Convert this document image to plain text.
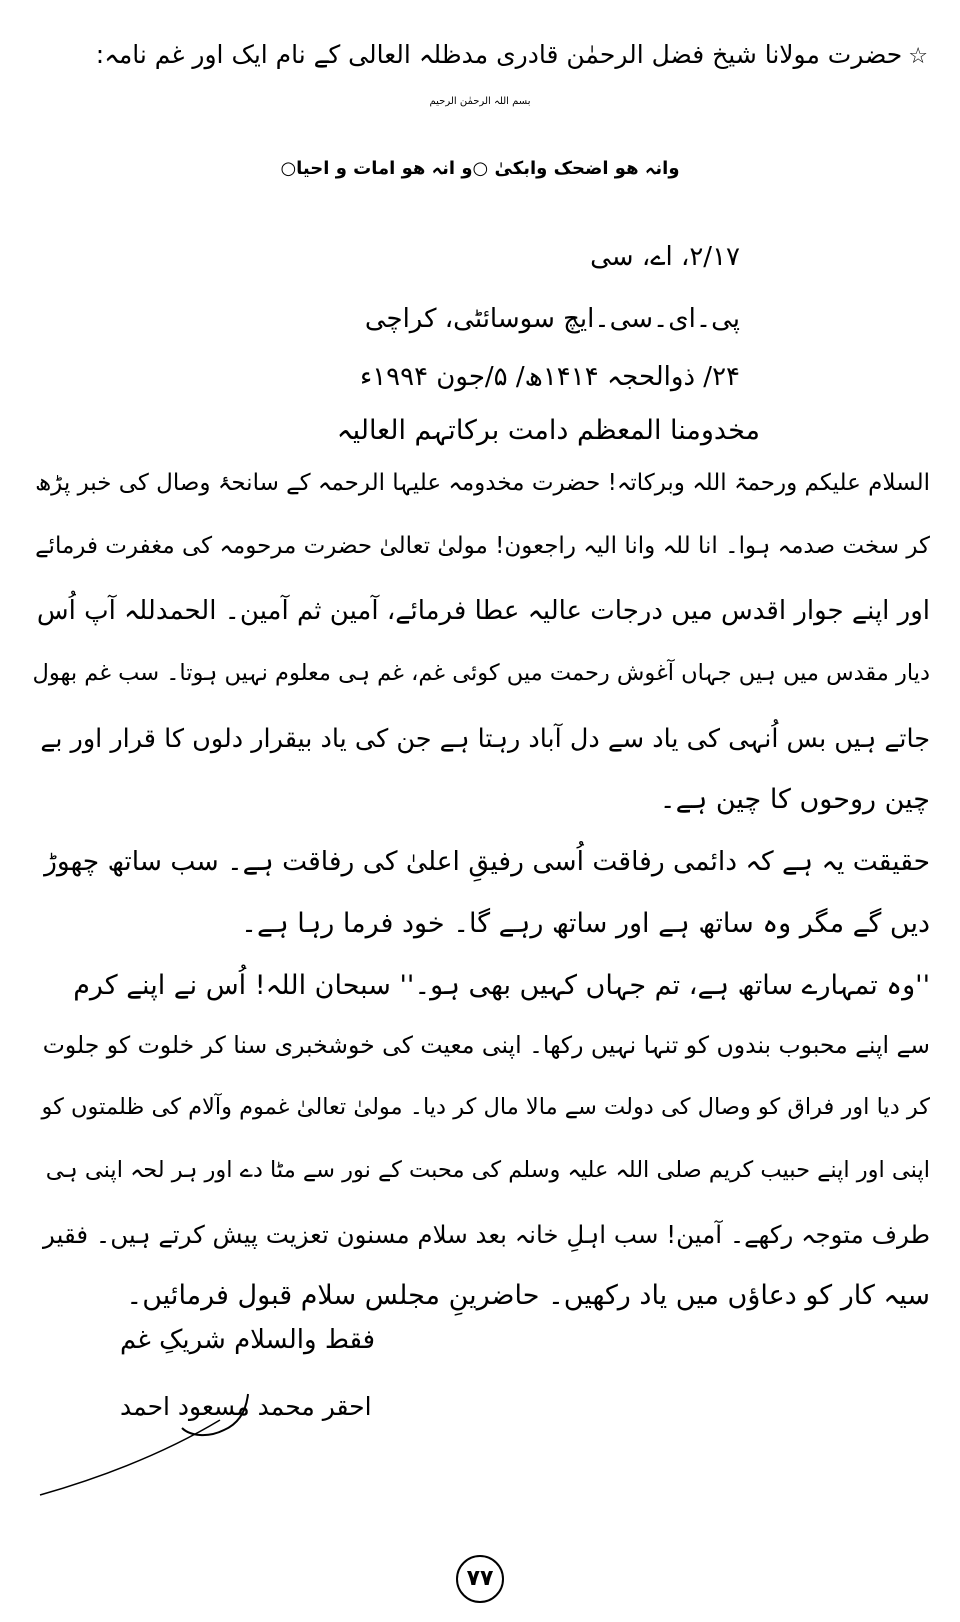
☆حضرت مولانا شیخ فضل الرحمٰن قادری مدظلہ العالی کے نام ایک اور غم نامہ:
بسم اللہ الرحمٰن الرحیم
وانہ ھو اضحک وابکیٰ ○و انہ ھو امات و احیا○
۲/۱۷، اے، سی
پی۔ای۔سی۔ایچ سوسائٹی، کراچی
۲۴/ ذوالحجہ ۱۴۱۴ھ/ ۵/جون ۱۹۹۴ء
مخدومنا المعظم دامت برکاتہم العالیہ
السلام علیکم ورحمۃ اللہ وبرکاتہ! حضرت مخدومہ علیہا الرحمہ کے سانحۂ وصال کی خبر پڑھ
کر سخت صدمہ ہوا۔ انا للہ وانا الیہ راجعون! مولیٰ تعالیٰ حضرت مرحومہ کی مغفرت فرمائے
اور اپنے جوار اقدس میں درجات عالیہ عطا فرمائے، آمین ثم آمین۔ الحمدللہ آپ اُس
دیار مقدس میں ہیں جہاں آغوش رحمت میں کوئی غم، غم ہی معلوم نہیں ہوتا۔ سب غم بھول
جاتے ہیں بس اُنہی کی یاد سے دل آباد رہتا ہے جن کی یاد بیقرار دلوں کا قرار اور بے
چین روحوں کا چین ہے۔
حقیقت یہ ہے کہ دائمی رفاقت اُسی رفیقِ اعلیٰ کی رفاقت ہے۔ سب ساتھ چھوڑ
دیں گے مگر وہ ساتھ ہے اور ساتھ رہے گا۔ خود فرما رہا ہے۔
''وہ تمہارے ساتھ ہے، تم جہاں کہیں بھی ہو۔'' سبحان اللہ! اُس نے اپنے کرم
سے اپنے محبوب بندوں کو تنہا نہیں رکھا۔ اپنی معیت کی خوشخبری سنا کر خلوت کو جلوت
کر دیا اور فراق کو وصال کی دولت سے مالا مال کر دیا۔ مولیٰ تعالیٰ غموم وآلام کی ظلمتوں کو
اپنی اور اپنے حبیب کریم صلی اللہ علیہ وسلم کی محبت کے نور سے مٹا دے اور ہر لحہ اپنی ہی
طرف متوجہ رکھے۔ آمین! سب اہلِ خانہ بعد سلام مسنون تعزیت پیش کرتے ہیں۔ فقیر
سیہ کار کو دعاؤں میں یاد رکھیں۔ حاضرینِ مجلس سلام قبول فرمائیں۔
فقط والسلام شریکِ غم
احقر محمد مسعود احمد
۷۷
